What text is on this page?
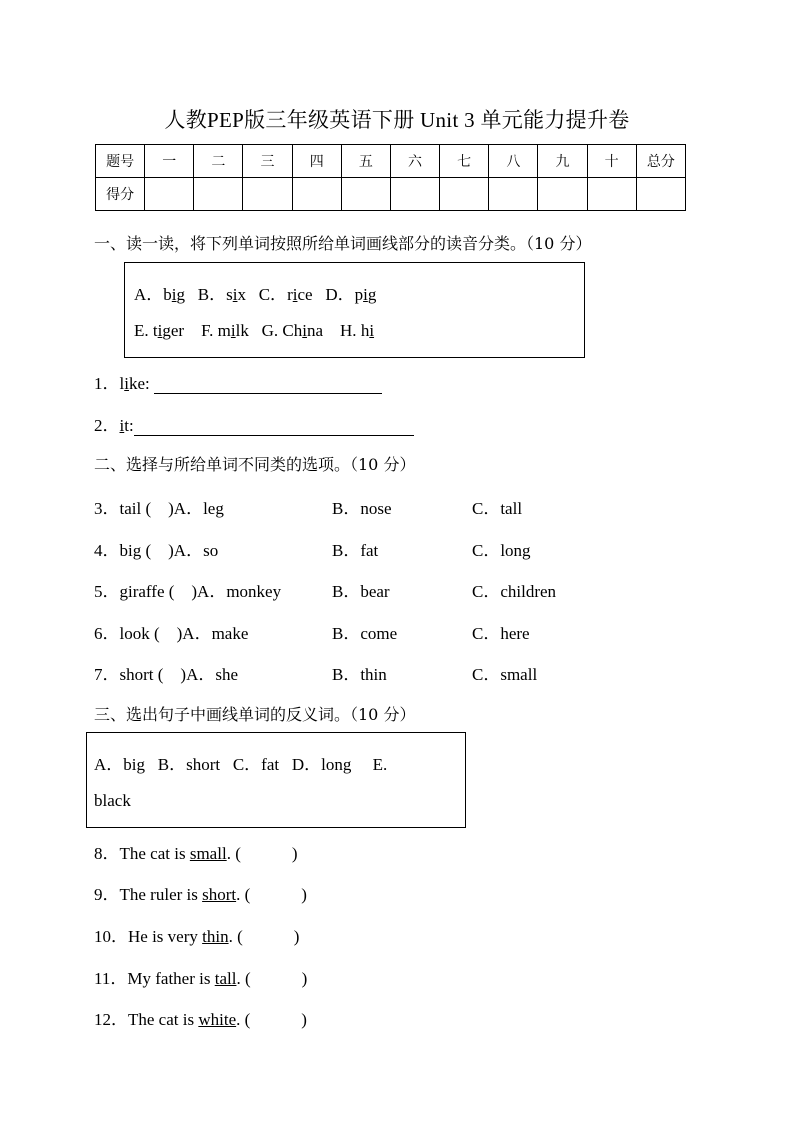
人教PEP版三年级英语下册 Unit 3 单元能力提升卷
题号	一	二	三	四	五	六	七	八	九	十	总分
得分											
一、读一读，将下列单词按照所给单词画线部分的读音分类。（10 分）
A．big B．six C．rice D．pig
E. tiger F. milk G. China H. hi
1．like:
2．it:
二、选择与所给单词不同类的选项。（10 分）
3．tail (　)A．leg	B．nose	C．tall
4．big (　)A．so	B．fat	C．long
5．giraffe (　)A．monkey	B．bear	C．children
6．look (　)A．make	B．come	C．here
7．short (　)A．she	B．thin	C．small
三、选出句子中画线单词的反义词。（10 分）
A．big   B．short   C．fat   D．long     E.
black
8．The cat is small. (　　　)
9．The ruler is short. (　　　)
10．He is very thin. (　　　)
11．My father is tall. (　　　)
12．The cat is white. (　　　)
